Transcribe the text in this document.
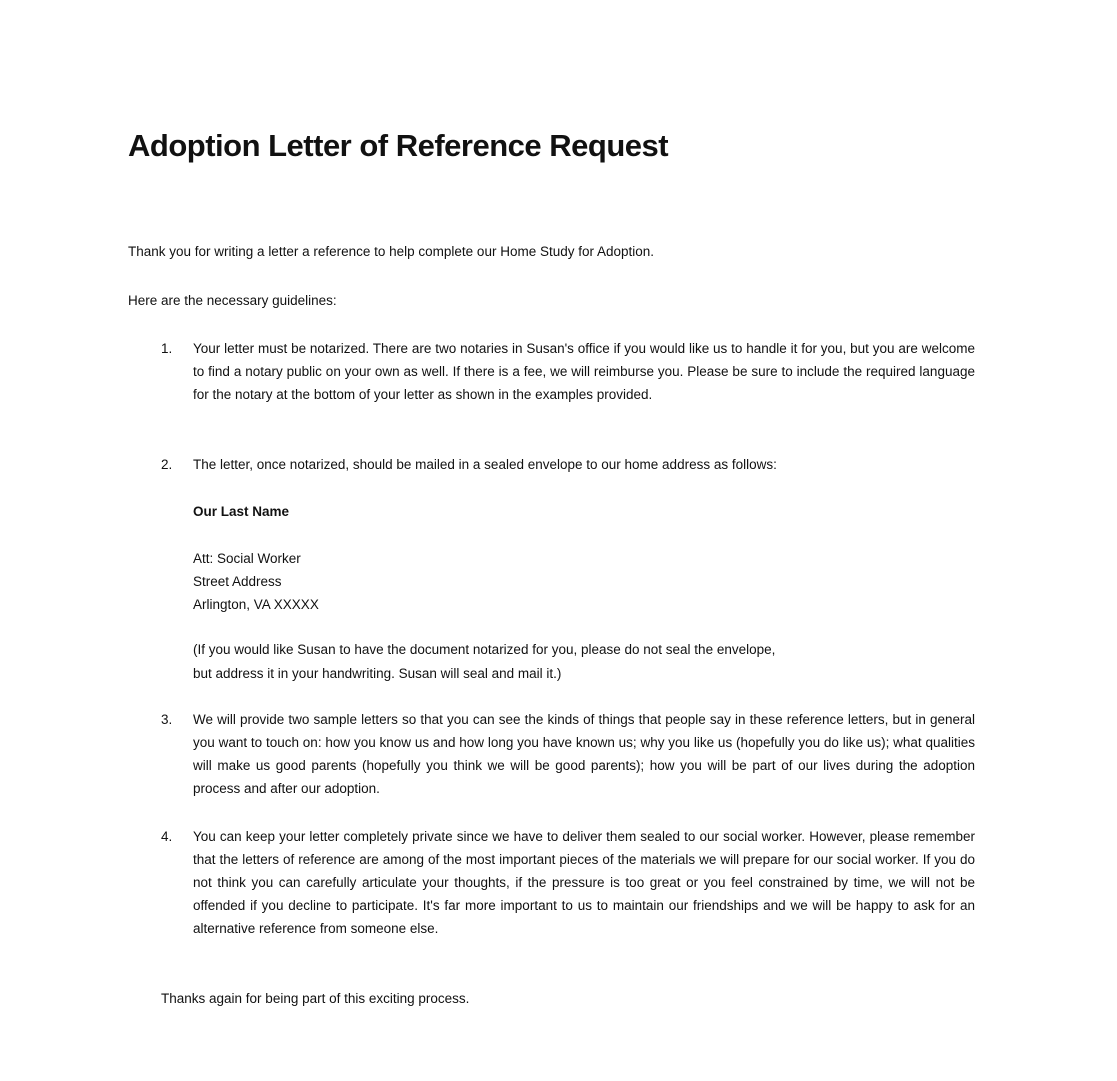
Adoption Letter of Reference Request

Thank you for writing a letter a reference to help complete our Home Study for Adoption.

Here are the necessary guidelines:

1. Your letter must be notarized. There are two notaries in Susan's office if you would like us to handle it for you, but you are welcome to find a notary public on your own as well. If there is a fee, we will reimburse you. Please be sure to include the required language for the notary at the bottom of your letter as shown in the examples provided.

2. The letter, once notarized, should be mailed in a sealed envelope to our home address as follows:

Our Last Name

Att: Social Worker

Street Address

Arlington, VA XXXXX

(If you would like Susan to have the document notarized for you, please do not seal the envelope,

but address it in your handwriting. Susan will seal and mail it.)

3. We will provide two sample letters so that you can see the kinds of things that people say in these reference letters, but in general you want to touch on: how you know us and how long you have known us; why you like us (hopefully you do like us); what qualities will make us good parents (hopefully you think we will be good parents); how you will be part of our lives during the adoption process and after our adoption.

4. You can keep your letter completely private since we have to deliver them sealed to our social worker. However, please remember that the letters of reference are among of the most important pieces of the materials we will prepare for our social worker. If you do not think you can carefully articulate your thoughts, if the pressure is too great or you feel constrained by time, we will not be offended if you decline to participate. It's far more important to us to maintain our friendships and we will be happy to ask for an alternative reference from someone else.

Thanks again for being part of this exciting process.
